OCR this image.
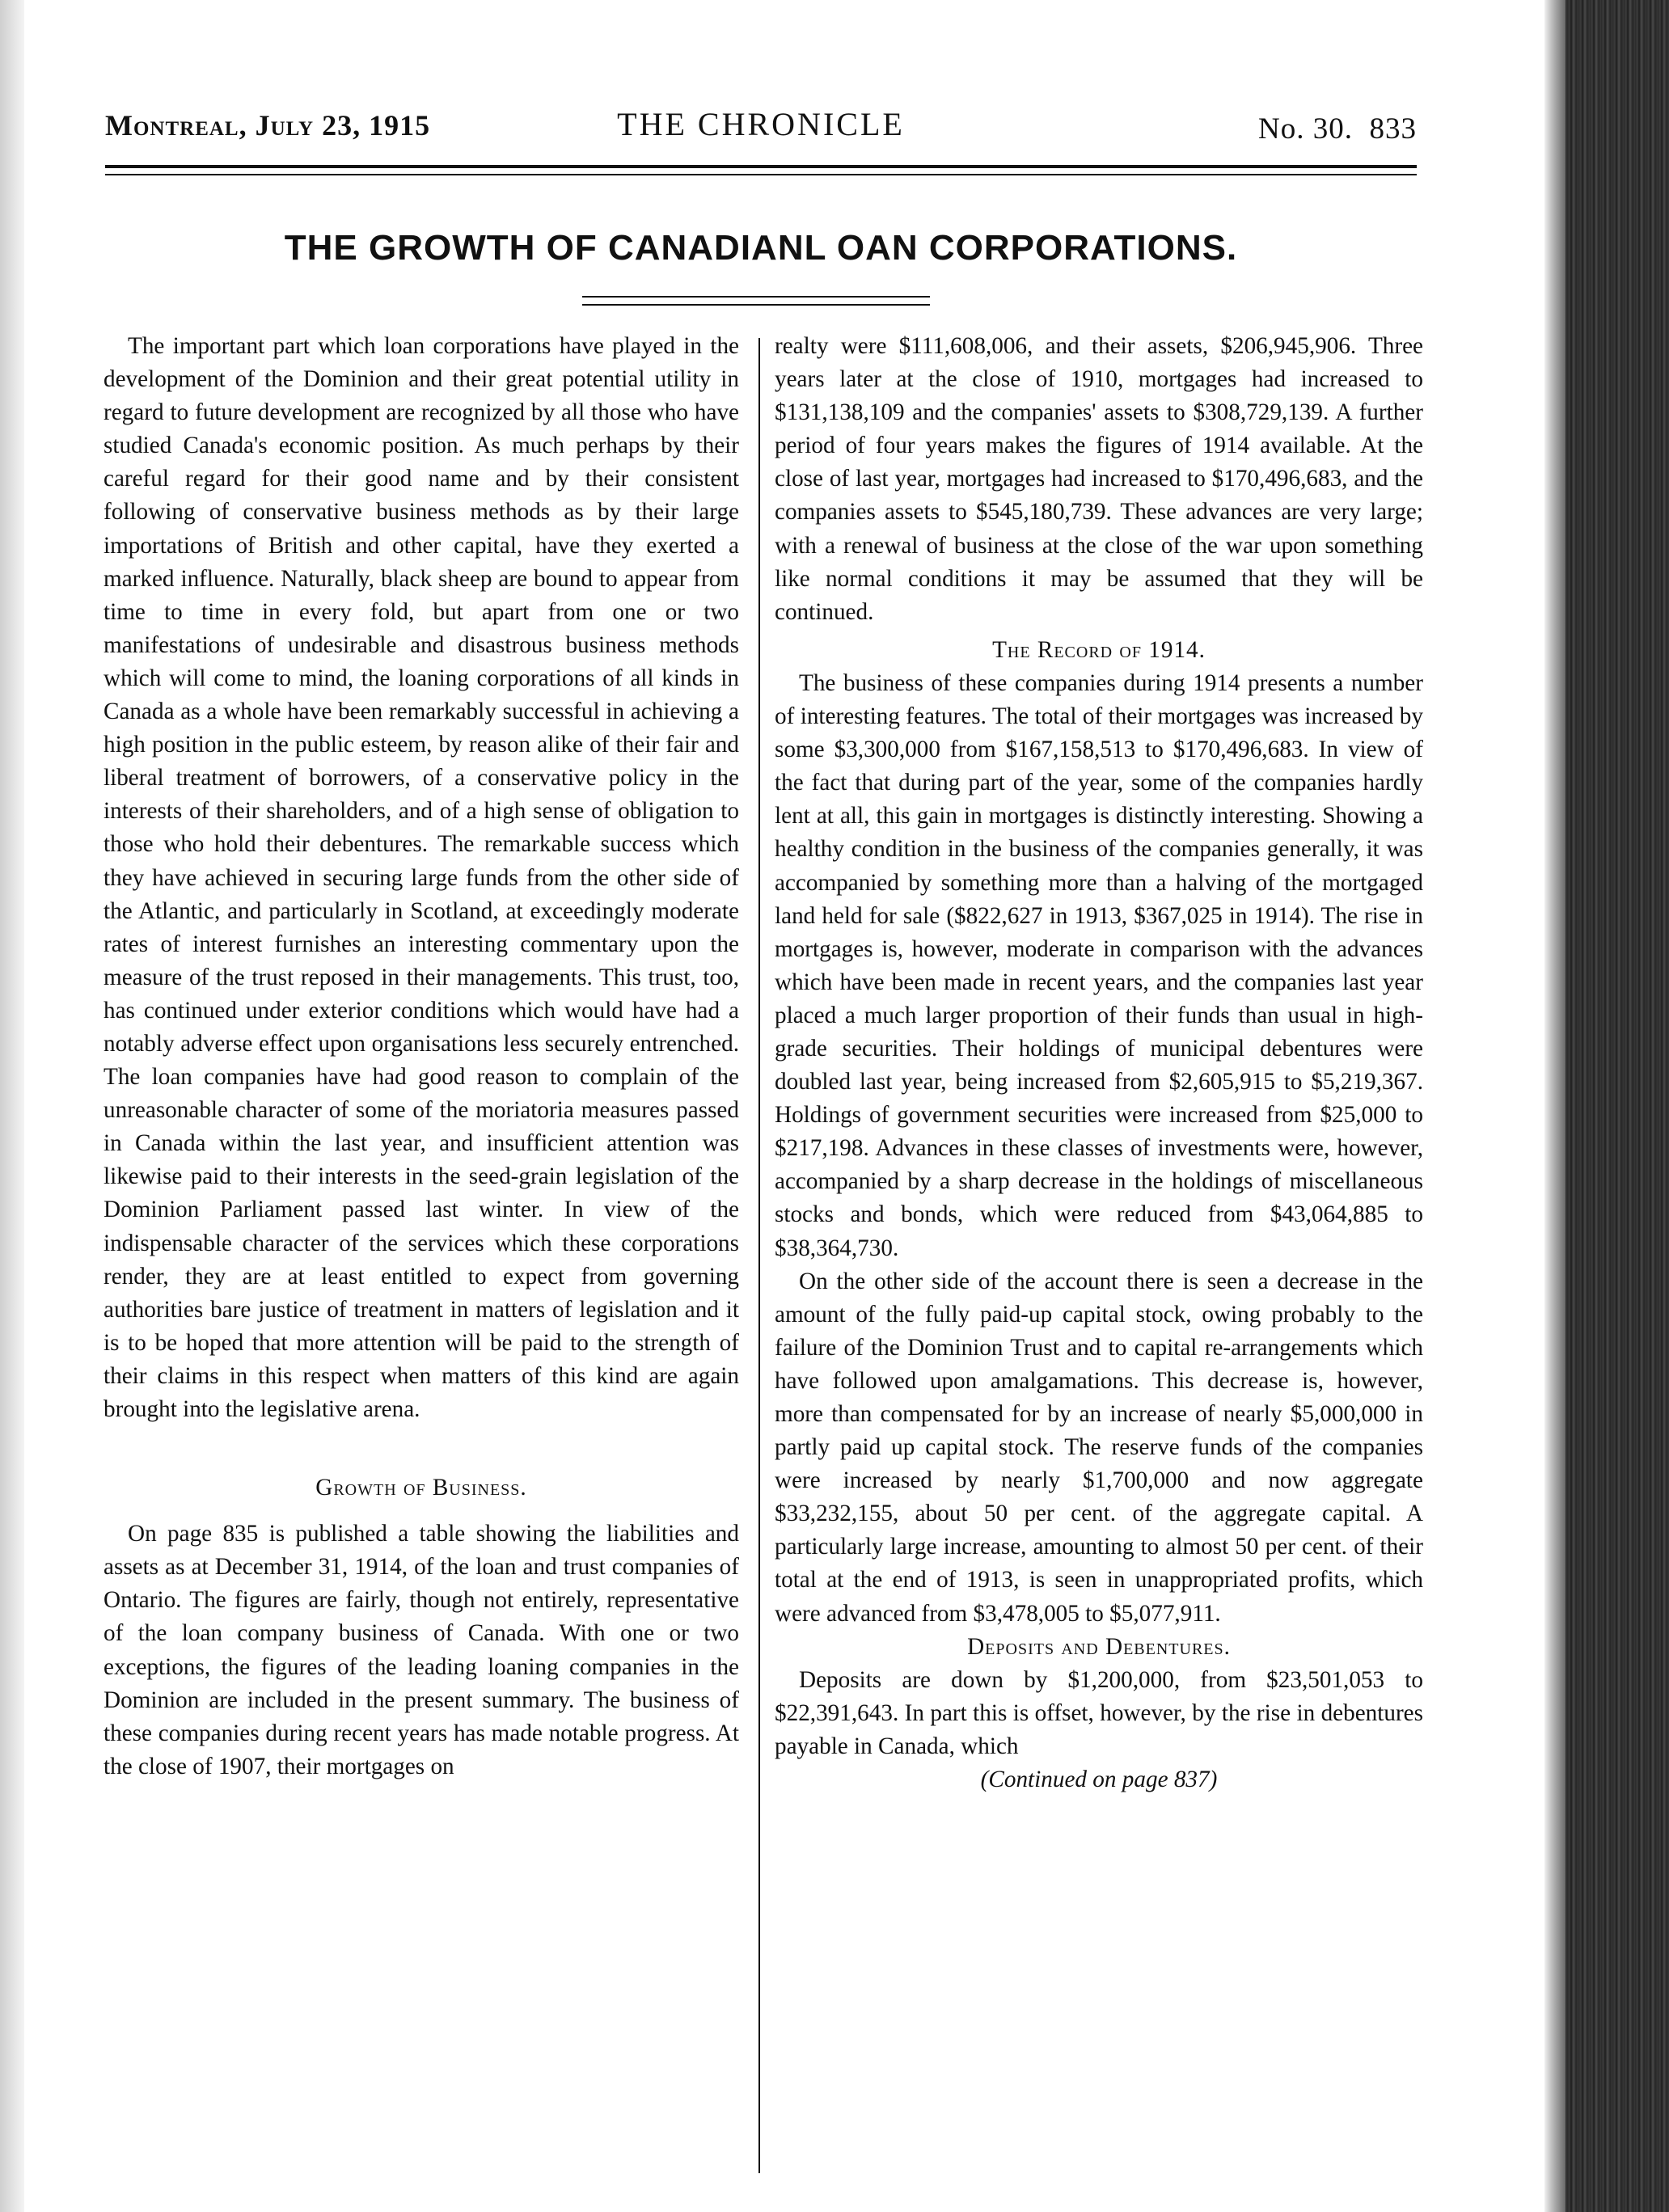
Montreal, July 23, 1915	THE CHRONICLE	No. 30. 833
THE GROWTH OF CANADIANL OAN CORPORATIONS.

The important part which loan corporations have played in the development of the Dominion and their great potential utility in regard to future development are recognized by all those who have studied Canada's economic position. As much perhaps by their careful regard for their good name and by their consistent following of conservative business methods as by their large importations of British and other capital, have they exerted a marked influence. Naturally, black sheep are bound to appear from time to time in every fold, but apart from one or two manifestations of undesirable and disastrous business methods which will come to mind, the loaning corporations of all kinds in Canada as a whole have been remarkably successful in achieving a high position in the public esteem, by reason alike of their fair and liberal treatment of borrowers, of a conservative policy in the interests of their shareholders, and of a high sense of obligation to those who hold their debentures. The remarkable success which they have achieved in securing large funds from the other side of the Atlantic, and particularly in Scotland, at exceedingly moderate rates of interest furnishes an interesting commentary upon the measure of the trust reposed in their managements. This trust, too, has continued under exterior conditions which would have had a notably adverse effect upon organisations less securely entrenched. The loan companies have had good reason to complain of the unreasonable character of some of the moriatoria measures passed in Canada within the last year, and insufficient attention was likewise paid to their interests in the seed-grain legislation of the Dominion Parliament passed last winter. In view of the indispensable character of the services which these corporations render, they are at least entitled to expect from governing authorities bare justice of treatment in matters of legislation and it is to be hoped that more attention will be paid to the strength of their claims in this respect when matters of this kind are again brought into the legislative arena.

Growth of Business.

On page 835 is published a table showing the liabilities and assets as at December 31, 1914, of the loan and trust companies of Ontario. The figures are fairly, though not entirely, representative of the loan company business of Canada. With one or two exceptions, the figures of the leading loaning companies in the Dominion are included in the present summary. The business of these companies during recent years has made notable progress. At the close of 1907, their mortgages on

realty were $111,608,006, and their assets, $206,945,906. Three years later at the close of 1910, mortgages had increased to $131,138,109 and the companies' assets to $308,729,139. A further period of four years makes the figures of 1914 available. At the close of last year, mortgages had increased to $170,496,683, and the companies assets to $545,180,739. These advances are very large; with a renewal of business at the close of the war upon something like normal conditions it may be assumed that they will be continued.

The Record of 1914.

The business of these companies during 1914 presents a number of interesting features. The total of their mortgages was increased by some $3,300,000 from $167,158,513 to $170,496,683. In view of the fact that during part of the year, some of the companies hardly lent at all, this gain in mortgages is distinctly interesting. Showing a healthy condition in the business of the companies generally, it was accompanied by something more than a halving of the mortgaged land held for sale ($822,627 in 1913, $367,025 in 1914). The rise in mortgages is, however, moderate in comparison with the advances which have been made in recent years, and the companies last year placed a much larger proportion of their funds than usual in high-grade securities. Their holdings of municipal debentures were doubled last year, being increased from $2,605,915 to $5,219,367. Holdings of government securities were increased from $25,000 to $217,198. Advances in these classes of investments were, however, accompanied by a sharp decrease in the holdings of miscellaneous stocks and bonds, which were reduced from $43,064,885 to $38,364,730.

On the other side of the account there is seen a decrease in the amount of the fully paid-up capital stock, owing probably to the failure of the Dominion Trust and to capital re-arrangements which have followed upon amalgamations. This decrease is, however, more than compensated for by an increase of nearly $5,000,000 in partly paid up capital stock. The reserve funds of the companies were increased by nearly $1,700,000 and now aggregate $33,232,155, about 50 per cent. of the aggregate capital. A particularly large increase, amounting to almost 50 per cent. of their total at the end of 1913, is seen in unappropriated profits, which were advanced from $3,478,005 to $5,077,911.

Deposits and Debentures.

Deposits are down by $1,200,000, from $23,501,053 to $22,391,643. In part this is offset, however, by the rise in debentures payable in Canada, which

(Continued on page 837)
